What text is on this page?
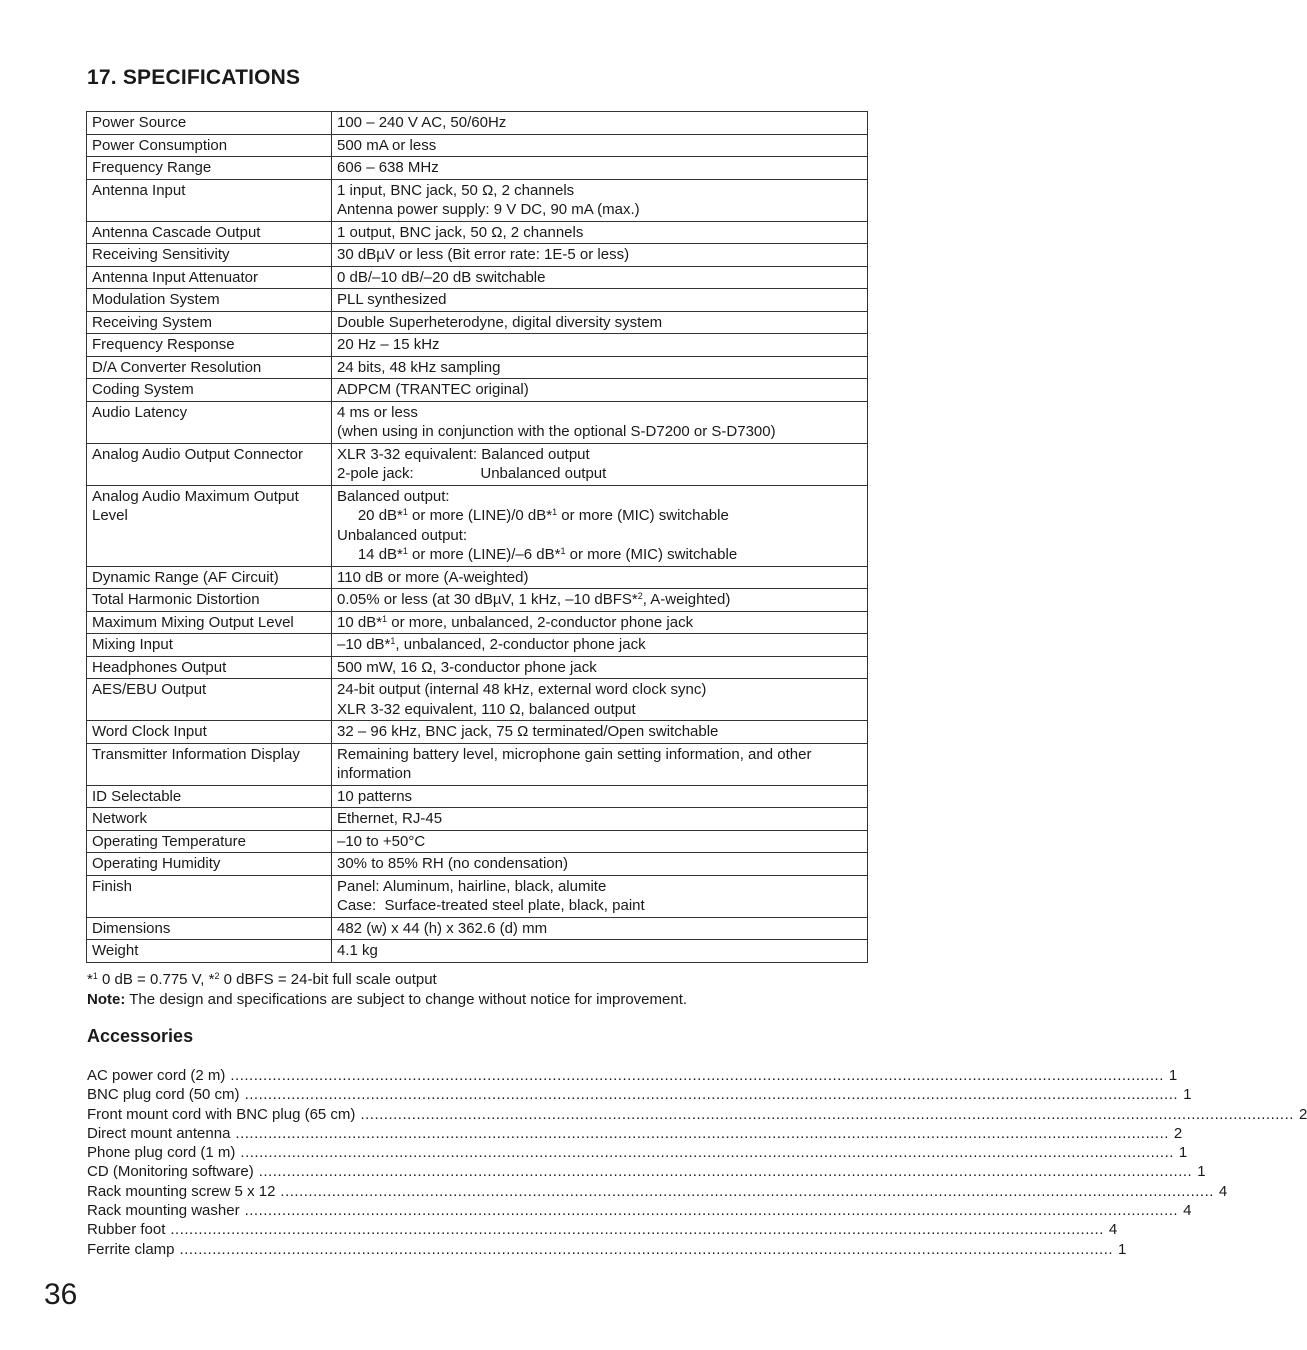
17. SPECIFICATIONS
Power Source	100 – 240 V AC, 50/60Hz

Power Consumption	500 mA or less

Frequency Range	606 – 638 MHz

Antenna Input	1 input, BNC jack, 50 Ω, 2 channels
Antenna power supply: 9 V DC, 90 mA (max.)

Antenna Cascade Output	1 output, BNC jack, 50 Ω, 2 channels

Receiving Sensitivity	30 dBµV or less (Bit error rate: 1E-5 or less)

Antenna Input Attenuator	0 dB/–10 dB/–20 dB switchable

Modulation System	PLL synthesized

Receiving System	Double Superheterodyne, digital diversity system

Frequency Response	20 Hz – 15 kHz

D/A Converter Resolution	24 bits, 48 kHz sampling

Coding System	ADPCM (TRANTEC original)

Audio Latency	4 ms or less
(when using in conjunction with the optional S-D7200 or S-D7300)

Analog Audio Output Connector	XLR 3-32 equivalent: Balanced output
2-pole jack:                Unbalanced output

Analog Audio Maximum Output Level	Balanced output:
20 dB*$^1$ or more (LINE)/0 dB*$^1$ or more (MIC) switchable
Unbalanced output:
14 dB*$^1$ or more (LINE)/–6 dB*$^1$ or more (MIC) switchable

Dynamic Range (AF Circuit)	110 dB or more (A-weighted)

Total Harmonic Distortion	0.05% or less (at 30 dBµV, 1 kHz, –10 dBFS*$^2$, A-weighted)

Maximum Mixing Output Level	10 dB*$^1$ or more, unbalanced, 2-conductor phone jack

Mixing Input	–10 dB*$^1$, unbalanced, 2-conductor phone jack

Headphones Output	500 mW, 16 Ω, 3-conductor phone jack

AES/EBU Output	24-bit output (internal 48 kHz, external word clock sync)
XLR 3-32 equivalent, 110 Ω, balanced output

Word Clock Input	32 – 96 kHz, BNC jack, 75 Ω terminated/Open switchable

Transmitter Information Display	Remaining battery level, microphone gain setting information, and other
information

ID Selectable	10 patterns

Network	Ethernet, RJ-45

Operating Temperature	–10 to +50°C

Operating Humidity	30% to 85% RH (no condensation)

Finish	Panel: Aluminum, hairline, black, alumite
Case:  Surface-treated steel plate, black, paint

Dimensions	482 (w) x 44 (h) x 362.6 (d) mm

Weight	4.1 kg
*$^1$ 0 dB = 0.775 V, *$^2$ 0 dBFS = 24-bit full scale output
Note: The design and specifications are subject to change without notice for improvement.
Accessories
AC power cord (2 m) ........................................................................................................................................................................................................ 1
BNC plug cord (50 cm) ........................................................................................................................................................................................................ 1
Front mount cord with BNC plug (65 cm) ........................................................................................................................................................................................................ 2
Direct mount antenna ........................................................................................................................................................................................................ 2
Phone plug cord (1 m) ........................................................................................................................................................................................................ 1
CD (Monitoring software) ........................................................................................................................................................................................................ 1
Rack mounting screw 5 x 12 ........................................................................................................................................................................................................ 4
Rack mounting washer ........................................................................................................................................................................................................ 4
Rubber foot ........................................................................................................................................................................................................ 4
Ferrite clamp ........................................................................................................................................................................................................ 1
36
